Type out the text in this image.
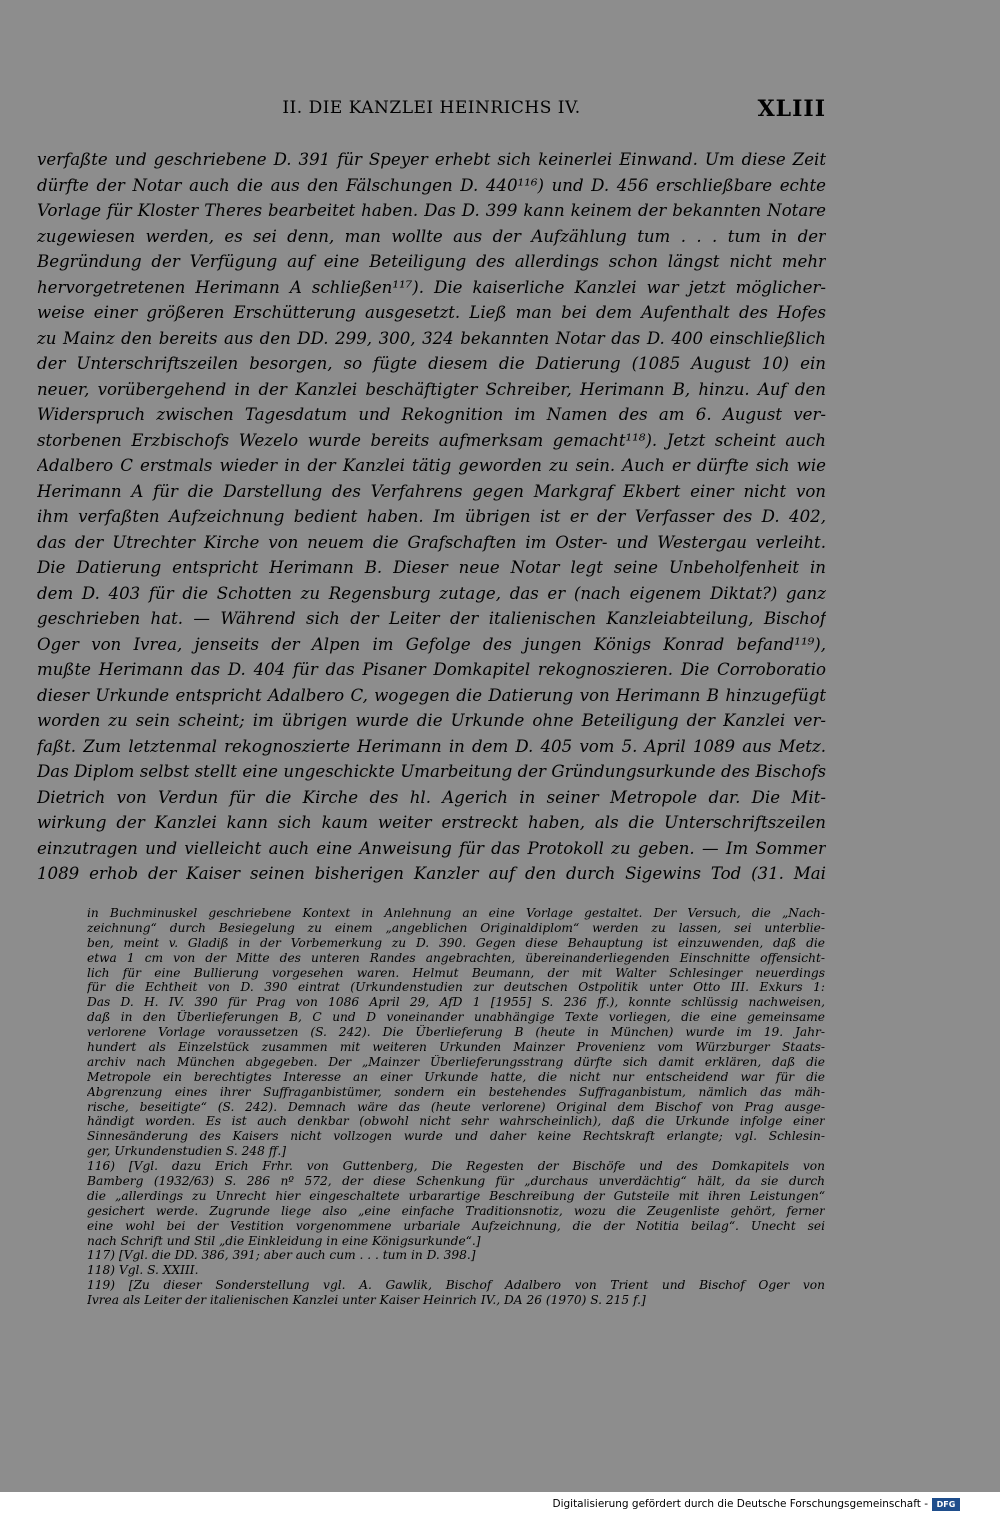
II. DIE KANZLEI HEINRICHS IV.	XLIII
verfaßte und geschriebene D. 391 für Speyer erhebt sich keinerlei Einwand. Um diese Zeit
dürfte der Notar auch die aus den Fälschungen D. 440¹¹⁶) und D. 456 erschließbare echte
Vorlage für Kloster Theres bearbeitet haben. Das D. 399 kann keinem der bekannten Notare
zugewiesen werden, es sei denn, man wollte aus der Aufzählung tum . . . tum in der
Begründung der Verfügung auf eine Beteiligung des allerdings schon längst nicht mehr
hervorgetretenen Herimann A schließen¹¹⁷). Die kaiserliche Kanzlei war jetzt möglicher-
weise einer größeren Erschütterung ausgesetzt. Ließ man bei dem Aufenthalt des Hofes
zu Mainz den bereits aus den DD. 299, 300, 324 bekannten Notar das D. 400 einschließlich
der Unterschriftszeilen besorgen, so fügte diesem die Datierung (1085 August 10) ein
neuer, vorübergehend in der Kanzlei beschäftigter Schreiber, Herimann B, hinzu. Auf den
Widerspruch zwischen Tagesdatum und Rekognition im Namen des am 6. August ver-
storbenen Erzbischofs Wezelo wurde bereits aufmerksam gemacht¹¹⁸). Jetzt scheint auch
Adalbero C erstmals wieder in der Kanzlei tätig geworden zu sein. Auch er dürfte sich wie
Herimann A für die Darstellung des Verfahrens gegen Markgraf Ekbert einer nicht von
ihm verfaßten Aufzeichnung bedient haben. Im übrigen ist er der Verfasser des D. 402,
das der Utrechter Kirche von neuem die Grafschaften im Oster- und Westergau verleiht.
Die Datierung entspricht Herimann B. Dieser neue Notar legt seine Unbeholfenheit in
dem D. 403 für die Schotten zu Regensburg zutage, das er (nach eigenem Diktat?) ganz
geschrieben hat. — Während sich der Leiter der italienischen Kanzleiabteilung, Bischof
Oger von Ivrea, jenseits der Alpen im Gefolge des jungen Königs Konrad befand¹¹⁹),
mußte Herimann das D. 404 für das Pisaner Domkapitel rekognoszieren. Die Corroboratio
dieser Urkunde entspricht Adalbero C, wogegen die Datierung von Herimann B hinzugefügt
worden zu sein scheint; im übrigen wurde die Urkunde ohne Beteiligung der Kanzlei ver-
faßt. Zum letztenmal rekognoszierte Herimann in dem D. 405 vom 5. April 1089 aus Metz.
Das Diplom selbst stellt eine ungeschickte Umarbeitung der Gründungsurkunde des Bischofs
Dietrich von Verdun für die Kirche des hl. Agerich in seiner Metropole dar. Die Mit-
wirkung der Kanzlei kann sich kaum weiter erstreckt haben, als die Unterschriftszeilen
einzutragen und vielleicht auch eine Anweisung für das Protokoll zu geben. — Im Sommer
1089 erhob der Kaiser seinen bisherigen Kanzler auf den durch Sigewins Tod (31. Mai
in Buchminuskel geschriebene Kontext in Anlehnung an eine Vorlage gestaltet. Der Versuch, die „Nach-
zeichnung“ durch Besiegelung zu einem „angeblichen Originaldiplom“ werden zu lassen, sei unterblie-
ben, meint v. Gladiß in der Vorbemerkung zu D. 390. Gegen diese Behauptung ist einzuwenden, daß die
etwa 1 cm von der Mitte des unteren Randes angebrachten, übereinanderliegenden Einschnitte offensicht-
lich für eine Bullierung vorgesehen waren. Helmut Beumann, der mit Walter Schlesinger neuerdings
für die Echtheit von D. 390 eintrat (Urkundenstudien zur deutschen Ostpolitik unter Otto III. Exkurs 1:
Das D. H. IV. 390 für Prag von 1086 April 29, AfD 1 [1955] S. 236 ff.), konnte schlüssig nachweisen,
daß in den Überlieferungen B, C und D voneinander unabhängige Texte vorliegen, die eine gemeinsame
verlorene Vorlage voraussetzen (S. 242). Die Überlieferung B (heute in München) wurde im 19. Jahr-
hundert als Einzelstück zusammen mit weiteren Urkunden Mainzer Provenienz vom Würzburger Staats-
archiv nach München abgegeben. Der „Mainzer Überlieferungsstrang dürfte sich damit erklären, daß die
Metropole ein berechtigtes Interesse an einer Urkunde hatte, die nicht nur entscheidend war für die
Abgrenzung eines ihrer Suffraganbistümer, sondern ein bestehendes Suffraganbistum, nämlich das mäh-
rische, beseitigte“ (S. 242). Demnach wäre das (heute verlorene) Original dem Bischof von Prag ausge-
händigt worden. Es ist auch denkbar (obwohl nicht sehr wahrscheinlich), daß die Urkunde infolge einer
Sinnesänderung des Kaisers nicht vollzogen wurde und daher keine Rechtskraft erlangte; vgl. Schlesin-
ger, Urkundenstudien S. 248 ff.]
116) [Vgl. dazu Erich Frhr. von Guttenberg, Die Regesten der Bischöfe und des Domkapitels von
Bamberg (1932/63) S. 286 nº 572, der diese Schenkung für „durchaus unverdächtig“ hält, da sie durch
die „allerdings zu Unrecht hier eingeschaltete urbarartige Beschreibung der Gutsteile mit ihren Leistungen“
gesichert werde. Zugrunde liege also „eine einfache Traditionsnotiz, wozu die Zeugenliste gehört, ferner
eine wohl bei der Vestition vorgenommene urbariale Aufzeichnung, die der Notitia beilag“. Unecht sei
nach Schrift und Stil „die Einkleidung in eine Königsurkunde“.]
117) [Vgl. die DD. 386, 391; aber auch cum . . . tum in D. 398.]
118) Vgl. S. XXIII.
119) [Zu dieser Sonderstellung vgl. A. Gawlik, Bischof Adalbero von Trient und Bischof Oger von
Ivrea als Leiter der italienischen Kanzlei unter Kaiser Heinrich IV., DA 26 (1970) S. 215 f.]
Digitalisierung gefördert durch die Deutsche Forschungsgemeinschaft -	DFG
